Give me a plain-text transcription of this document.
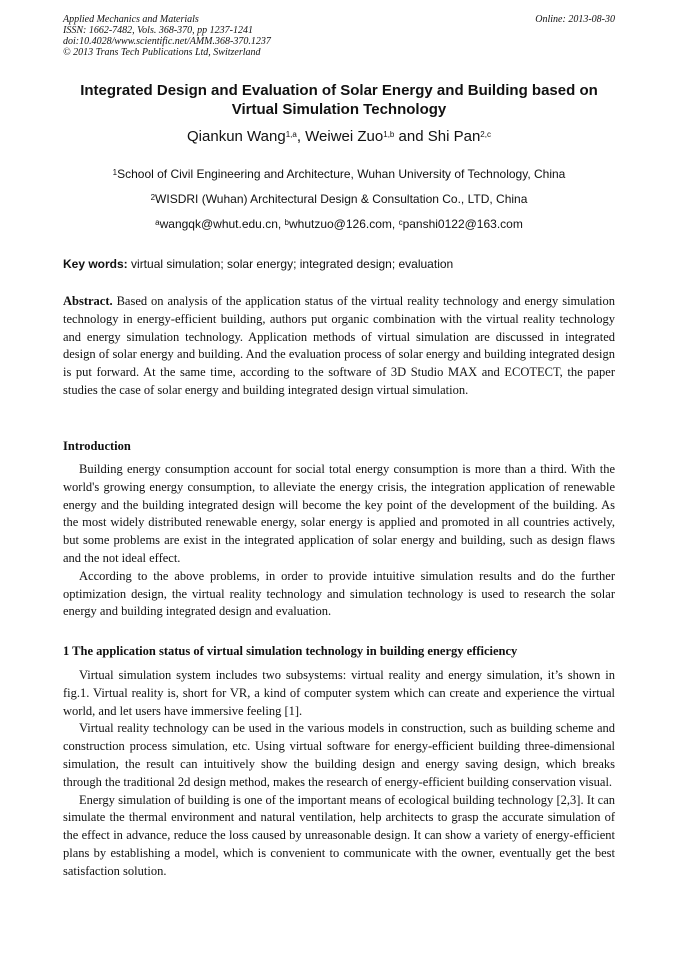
Applied Mechanics and Materials
ISSN: 1662-7482, Vols. 368-370, pp 1237-1241
doi:10.4028/www.scientific.net/AMM.368-370.1237
© 2013 Trans Tech Publications Ltd, Switzerland
Online: 2013-08-30
Integrated Design and Evaluation of Solar Energy and Building based on Virtual Simulation Technology
Qiankun Wang$^{1,a}$, Weiwei Zuo$^{1,b}$ and Shi Pan$^{2,c}$
$^1$School of Civil Engineering and Architecture, Wuhan University of Technology, China
$^2$WISDRI (Wuhan) Architectural Design & Consultation Co., LTD, China
$^a$wangqk@whut.edu.cn, $^b$whutzuo@126.com, $^c$panshi0122@163.com
Key words: virtual simulation; solar energy; integrated design; evaluation

Abstract. Based on analysis of the application status of the virtual reality technology and energy simulation technology in energy-efficient building, authors put organic combination with the virtual reality technology and energy simulation technology. Application methods of virtual simulation are discussed in integrated design of solar energy and building. And the evaluation process of solar energy and building integrated design is put forward. At the same time, according to the software of 3D Studio MAX and ECOTECT, the paper studies the case of solar energy and building integrated design virtual simulation.

Introduction

Building energy consumption account for social total energy consumption is more than a third. With the world's growing energy consumption, to alleviate the energy crisis, the integration application of renewable energy and the building integrated design will become the key point of the development of the building. As the most widely distributed renewable energy, solar energy is applied and promoted in all countries actively, but some problems are exist in the integrated application of solar energy and building, such as design flaws and the not ideal effect.

According to the above problems, in order to provide intuitive simulation results and do the further optimization design, the virtual reality technology and simulation technology is used to research the solar energy and building integrated design and evaluation.

1 The application status of virtual simulation technology in building energy efficiency

Virtual simulation system includes two subsystems: virtual reality and energy simulation, it’s shown in fig.1. Virtual reality is, short for VR, a kind of computer system which can create and experience the virtual world, and let users have immersive feeling [1].

Virtual reality technology can be used in the various models in construction, such as building scheme and construction process simulation, etc. Using virtual software for energy-efficient building three-dimensional simulation, the result can intuitively show the building design and energy saving design, which breaks through the traditional 2d design method, makes the research of energy-efficient building conservation visual.

Energy simulation of building is one of the important means of ecological building technology [2,3]. It can simulate the thermal environment and natural ventilation, help architects to grasp the accurate simulation of the effect in advance, reduce the loss caused by unreasonable design. It can show a variety of energy-efficient plans by establishing a model, which is convenient to communicate with the owner, eventually get the best satisfaction solution.
